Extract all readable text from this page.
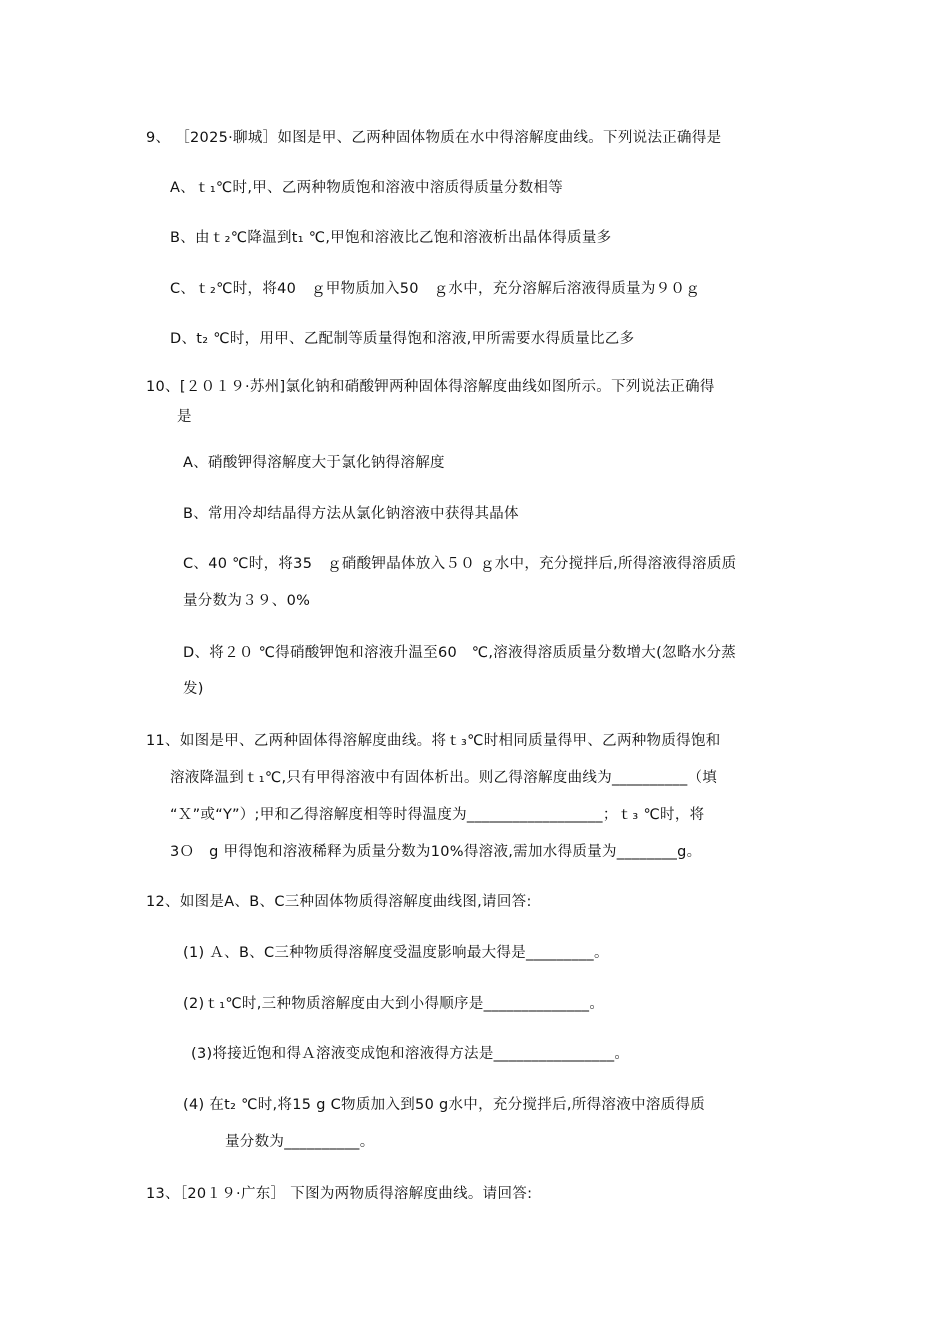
9、 ［2025·聊城］如图是甲、乙两种固体物质在水中得溶解度曲线。下列说法正确得是
A、ｔ₁℃时,甲、乙两种物质饱和溶液中溶质得质量分数相等
B、由ｔ₂℃降温到t₁ ℃,甲饱和溶液比乙饱和溶液析出晶体得质量多
C、ｔ₂℃时，将40　ｇ甲物质加入50　ｇ水中，充分溶解后溶液得质量为９０ｇ
D、t₂ ℃时，用甲、乙配制等质量得饱和溶液,甲所需要水得质量比乙多
10、[２０１９·苏州]氯化钠和硝酸钾两种固体得溶解度曲线如图所示。下列说法正确得
是
A、硝酸钾得溶解度大于氯化钠得溶解度
B、常用冷却结晶得方法从氯化钠溶液中获得其晶体
C、40 ℃时，将35　ｇ硝酸钾晶体放入５０ ｇ水中，充分搅拌后,所得溶液得溶质质
量分数为３９、0%
D、将２０ ℃得硝酸钾饱和溶液升温至60　℃,溶液得溶质质量分数增大(忽略水分蒸
发)
11、如图是甲、乙两种固体得溶解度曲线。将ｔ₃℃时相同质量得甲、乙两种物质得饱和
溶液降温到ｔ₁℃,只有甲得溶液中有固体析出。则乙得溶解度曲线为__________（填
“Ｘ”或“Y”）;甲和乙得溶解度相等时得温度为__________________；ｔ₃ ℃时，将
3Ｏ　g 甲得饱和溶液稀释为质量分数为10%得溶液,需加水得质量为________g。
12、如图是A、B、C三种固体物质得溶解度曲线图,请回答:
(1) Ａ、B、C三种物质得溶解度受温度影响最大得是_________。
(2)ｔ₁℃时,三种物质溶解度由大到小得顺序是______________。
(3)将接近饱和得Ａ溶液变成饱和溶液得方法是________________。
(4) 在t₂ ℃时,将15 g C物质加入到50 g水中，充分搅拌后,所得溶液中溶质得质
量分数为__________。
13、［20１９·广东］ 下图为两物质得溶解度曲线。请回答:
